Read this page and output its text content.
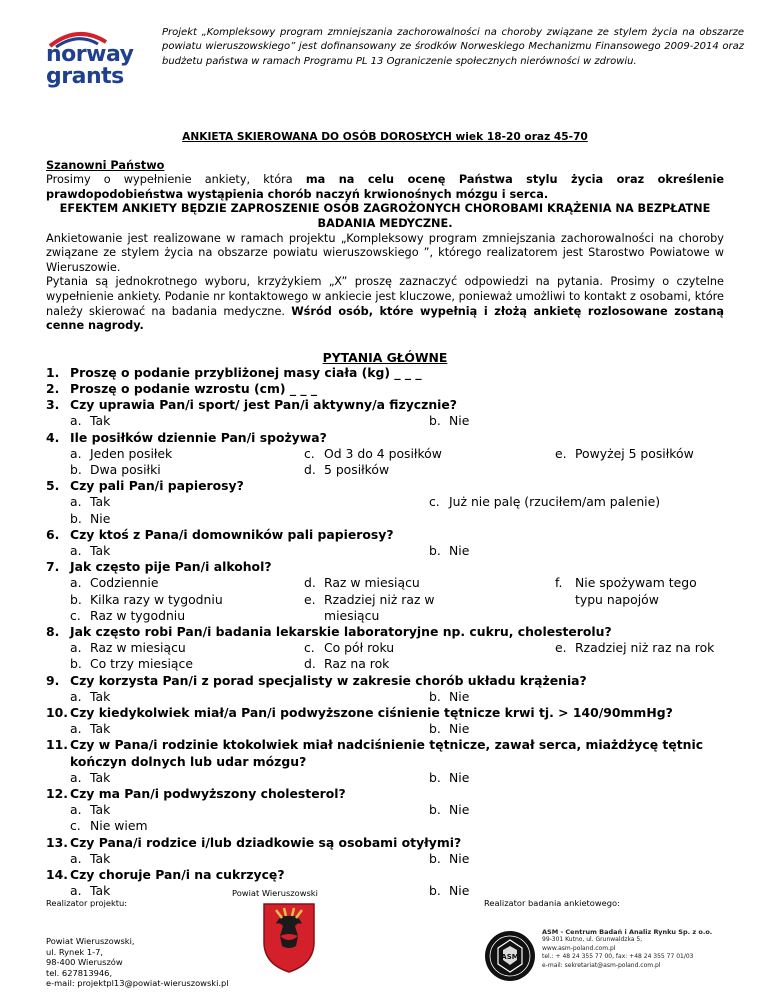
norway
grants
Projekt „Kompleksowy program zmniejszania zachorowalności na choroby związane ze stylem życia na obszarze powiatu wieruszowskiego” jest dofinansowany ze środków Norweskiego Mechanizmu Finansowego 2009-2014 oraz budżetu państwa w ramach Programu PL 13 Ograniczenie społecznych nierówności w zdrowiu.
ANKIETA SKIEROWANA DO OSÓB DOROSŁYCH wiek 18-20 oraz 45-70
Szanowni Państwo
Prosimy o wypełnienie ankiety, która ma na celu ocenę Państwa stylu życia oraz określenie prawdopodobieństwa wystąpienia chorób naczyń krwionośnych mózgu i serca.
EFEKTEM ANKIETY BĘDZIE ZAPROSZENIE OSÓB ZAGROŻONYCH CHOROBAMI KRĄŻENIA NA BEZPŁATNE BADANIA MEDYCZNE.
Ankietowanie jest realizowane w ramach projektu „Kompleksowy program zmniejszania zachorowalności na choroby związane ze stylem życia na obszarze powiatu wieruszowskiego ”, którego realizatorem jest Starostwo Powiatowe w Wieruszowie.
Pytania są jednokrotnego wyboru, krzyżykiem „X” proszę zaznaczyć odpowiedzi na pytania. Prosimy o czytelne wypełnienie ankiety. Podanie nr kontaktowego w ankiecie jest kluczowe, ponieważ umożliwi to kontakt z osobami, które należy skierować na badania medyczne. Wśród osób, które wypełnią i złożą ankietę rozlosowane zostaną cenne nagrody.
PYTANIA GŁÓWNE
1. Proszę o podanie przybliżonej masy ciała (kg) _ _ _
2. Proszę o podanie wzrostu (cm) _ _ _
3. Czy uprawia Pan/i sport/ jest Pan/i aktywny/a fizycznie?
a. Tak	b. Nie
4. Ile posiłków dziennie Pan/i spożywa?
a. Jeden posiłek	c. Od 3 do 4 posiłków	e. Powyżej 5 posiłków
b. Dwa posiłki	d. 5 posiłków
5. Czy pali Pan/i papierosy?
a. Tak	c. Już nie palę (rzuciłem/am palenie)
b. Nie
6. Czy ktoś z Pana/i domowników pali papierosy?
a. Tak	b. Nie
7. Jak często pije Pan/i alkohol?
a. Codziennie
b. Kilka razy w tygodniu
c. Raz w tygodniu
d. Raz w miesiącu
e. Rzadziej niż raz w miesiącu
f.	Nie spożywam tego typu napojów
8. Jak często robi Pan/i badania lekarskie laboratoryjne np. cukru, cholesterolu?
a. Raz w miesiącu	c. Co pół roku	e. Rzadziej niż raz na rok
b. Co trzy miesiące	d. Raz na rok
9. Czy korzysta Pan/i z porad specjalisty w zakresie chorób układu krążenia?
a. Tak	b. Nie
10. Czy kiedykolwiek miał/a Pan/i podwyższone ciśnienie tętnicze krwi tj. > 140/90mmHg?
a. Tak	b. Nie
11. Czy w Pana/i rodzinie ktokolwiek miał nadciśnienie tętnicze, zawał serca, miażdżycę tętnic kończyn dolnych lub udar mózgu?
a. Tak	b. Nie
12. Czy ma Pan/i podwyższony cholesterol?
a. Tak	b. Nie
c. Nie wiem
13. Czy Pana/i rodzice i/lub dziadkowie są osobami otyłymi?
a. Tak	b. Nie
14. Czy choruje Pan/i na cukrzycę?
a. Tak	b. Nie
Powiat Wieruszowski
Realizator projektu:
Powiat Wieruszowski,
ul. Rynek 1-7,
98-400 Wieruszów
tel. 627813946,
e-mail: projektpl13@powiat-wieruszowski.pl
Realizator badania ankietowego:
ASM
ASM - Centrum Badań i Analiz Rynku Sp. z o.o.
99-301 Kutno, ul. Grunwaldzka 5,
www.asm-poland.com.pl
tel.: + 48 24 355 77 00, fax: +48 24 355 77 01/03
e-mail: sekretariat@asm-poland.com.pl
